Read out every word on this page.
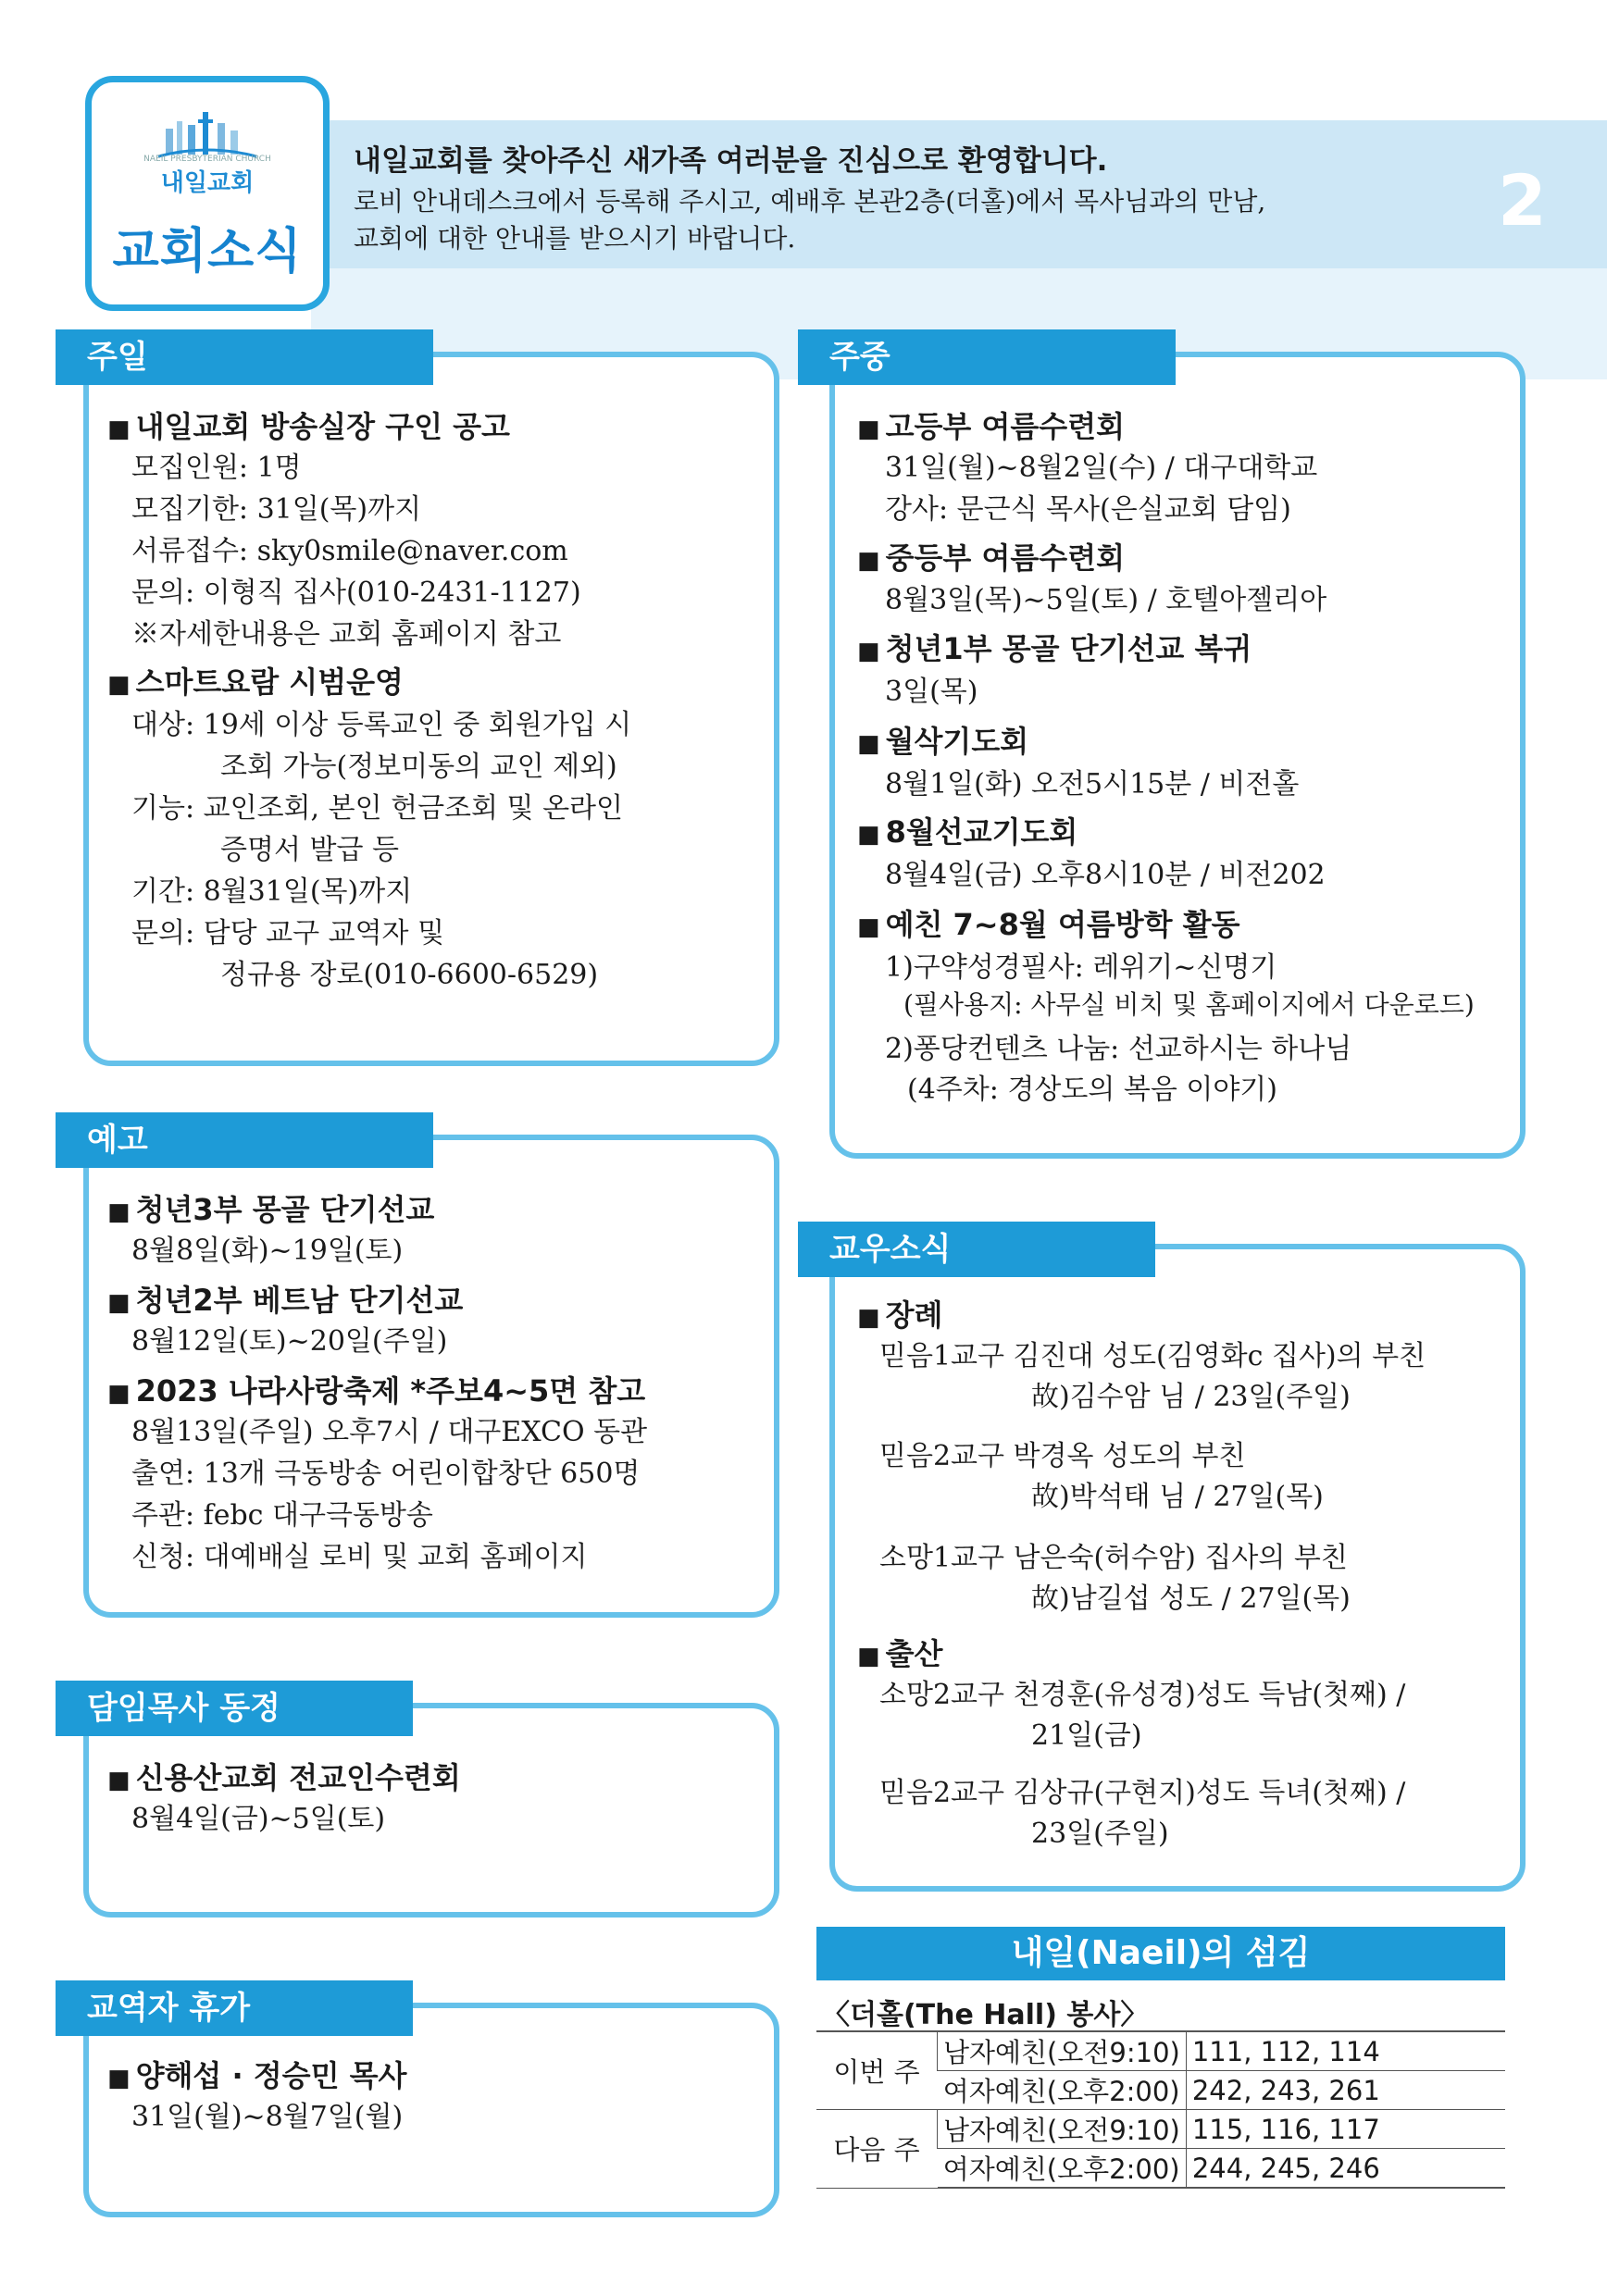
NAEIL PRESBYTERIAN CHURCH
내일교회
교회소식
내일교회를 찾아주신 새가족 여러분을 진심으로 환영합니다.
로비 안내데스크에서 등록해 주시고, 예배후 본관2층(더홀)에서 목사님과의 만남,
교회에 대한 안내를 받으시기 바랍니다.	2
주일
■ 내일교회 방송실장 구인 공고
모집인원: 1명
모집기한: 31일(목)까지
서류접수: sky0smile@naver.com
문의: 이형직 집사(010-2431-1127)
※자세한내용은 교회 홈페이지 참고
■ 스마트요람 시범운영
대상: 19세 이상 등록교인 중 회원가입 시
조회 가능(정보미동의 교인 제외)
기능: 교인조회, 본인 헌금조회 및 온라인
증명서 발급 등
기간: 8월31일(목)까지
문의: 담당 교구 교역자 및
정규용 장로(010-6600-6529)
주중
■ 고등부 여름수련회
31일(월)~8월2일(수) / 대구대학교
강사: 문근식 목사(은실교회 담임)
■ 중등부 여름수련회
8월3일(목)~5일(토) / 호텔아젤리아
■ 청년1부 몽골 단기선교 복귀
3일(목)
■ 월삭기도회
8월1일(화) 오전5시15분 / 비전홀
■ 8월선교기도회
8월4일(금) 오후8시10분 / 비전202
■ 예친 7~8월 여름방학 활동
1)구약성경필사: 레위기~신명기
(필사용지: 사무실 비치 및 홈페이지에서 다운로드)
2)퐁당컨텐츠 나눔: 선교하시는 하나님
(4주차: 경상도의 복음 이야기)
예고
■ 청년3부 몽골 단기선교
8월8일(화)~19일(토)
■ 청년2부 베트남 단기선교
8월12일(토)~20일(주일)
■ 2023 나라사랑축제 *주보4~5면 참고
8월13일(주일) 오후7시 / 대구EXCO 동관
출연: 13개 극동방송 어린이합창단 650명
주관: febc 대구극동방송
신청: 대예배실 로비 및 교회 홈페이지
담임목사 동정
■ 신용산교회 전교인수련회
8월4일(금)~5일(토)
교역자 휴가
■ 양해섭 · 정승민 목사
31일(월)~8월7일(월)
교우소식
■ 장례
믿음1교구 김진대 성도(김영화c 집사)의 부친
故)김수암 님 / 23일(주일)
믿음2교구 박경옥 성도의 부친
故)박석태 님 / 27일(목)
소망1교구 남은숙(허수암) 집사의 부친
故)남길섭 성도 / 27일(목)
■ 출산
소망2교구 천경훈(유성경)성도 득남(첫째) /
21일(금)
믿음2교구 김상규(구현지)성도 득녀(첫째) /
23일(주일)
내일(Naeil)의 섬김
〈더홀(The Hall) 봉사〉
이번 주	남자예친(오전9:10)	111, 112, 114
	여자예친(오후2:00)	242, 243, 261
다음 주	남자예친(오전9:10)	115, 116, 117
	여자예친(오후2:00)	244, 245, 246
